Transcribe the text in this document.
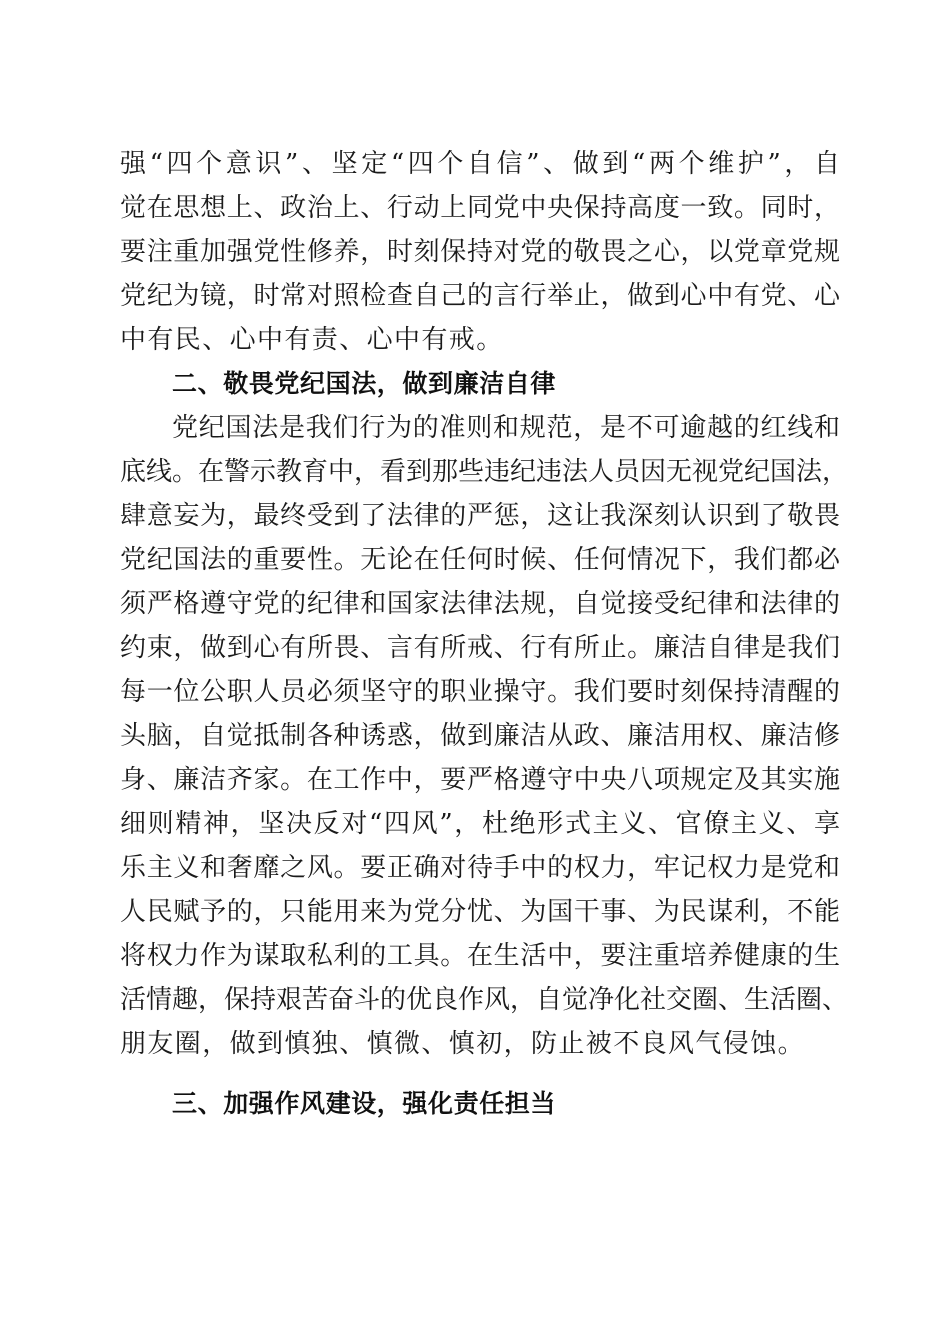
强“四个意识”、坚定“四个自信”、做到“两个维护”，自
觉在思想上、政治上、行动上同党中央保持高度一致。同时，
要注重加强党性修养，时刻保持对党的敬畏之心，以党章党规
党纪为镜，时常对照检查自己的言行举止，做到心中有党、心
中有民、心中有责、心中有戒。
二、敬畏党纪国法，做到廉洁自律
党纪国法是我们行为的准则和规范，是不可逾越的红线和
底线。在警示教育中，看到那些违纪违法人员因无视党纪国法，
肆意妄为，最终受到了法律的严惩，这让我深刻认识到了敬畏
党纪国法的重要性。无论在任何时候、任何情况下，我们都必
须严格遵守党的纪律和国家法律法规，自觉接受纪律和法律的
约束，做到心有所畏、言有所戒、行有所止。廉洁自律是我们
每一位公职人员必须坚守的职业操守。我们要时刻保持清醒的
头脑，自觉抵制各种诱惑，做到廉洁从政、廉洁用权、廉洁修
身、廉洁齐家。在工作中，要严格遵守中央八项规定及其实施
细则精神，坚决反对“四风”，杜绝形式主义、官僚主义、享
乐主义和奢靡之风。要正确对待手中的权力，牢记权力是党和
人民赋予的，只能用来为党分忧、为国干事、为民谋利，不能
将权力作为谋取私利的工具。在生活中，要注重培养健康的生
活情趣，保持艰苦奋斗的优良作风，自觉净化社交圈、生活圈、
朋友圈，做到慎独、慎微、慎初，防止被不良风气侵蚀。
三、加强作风建设，强化责任担当
